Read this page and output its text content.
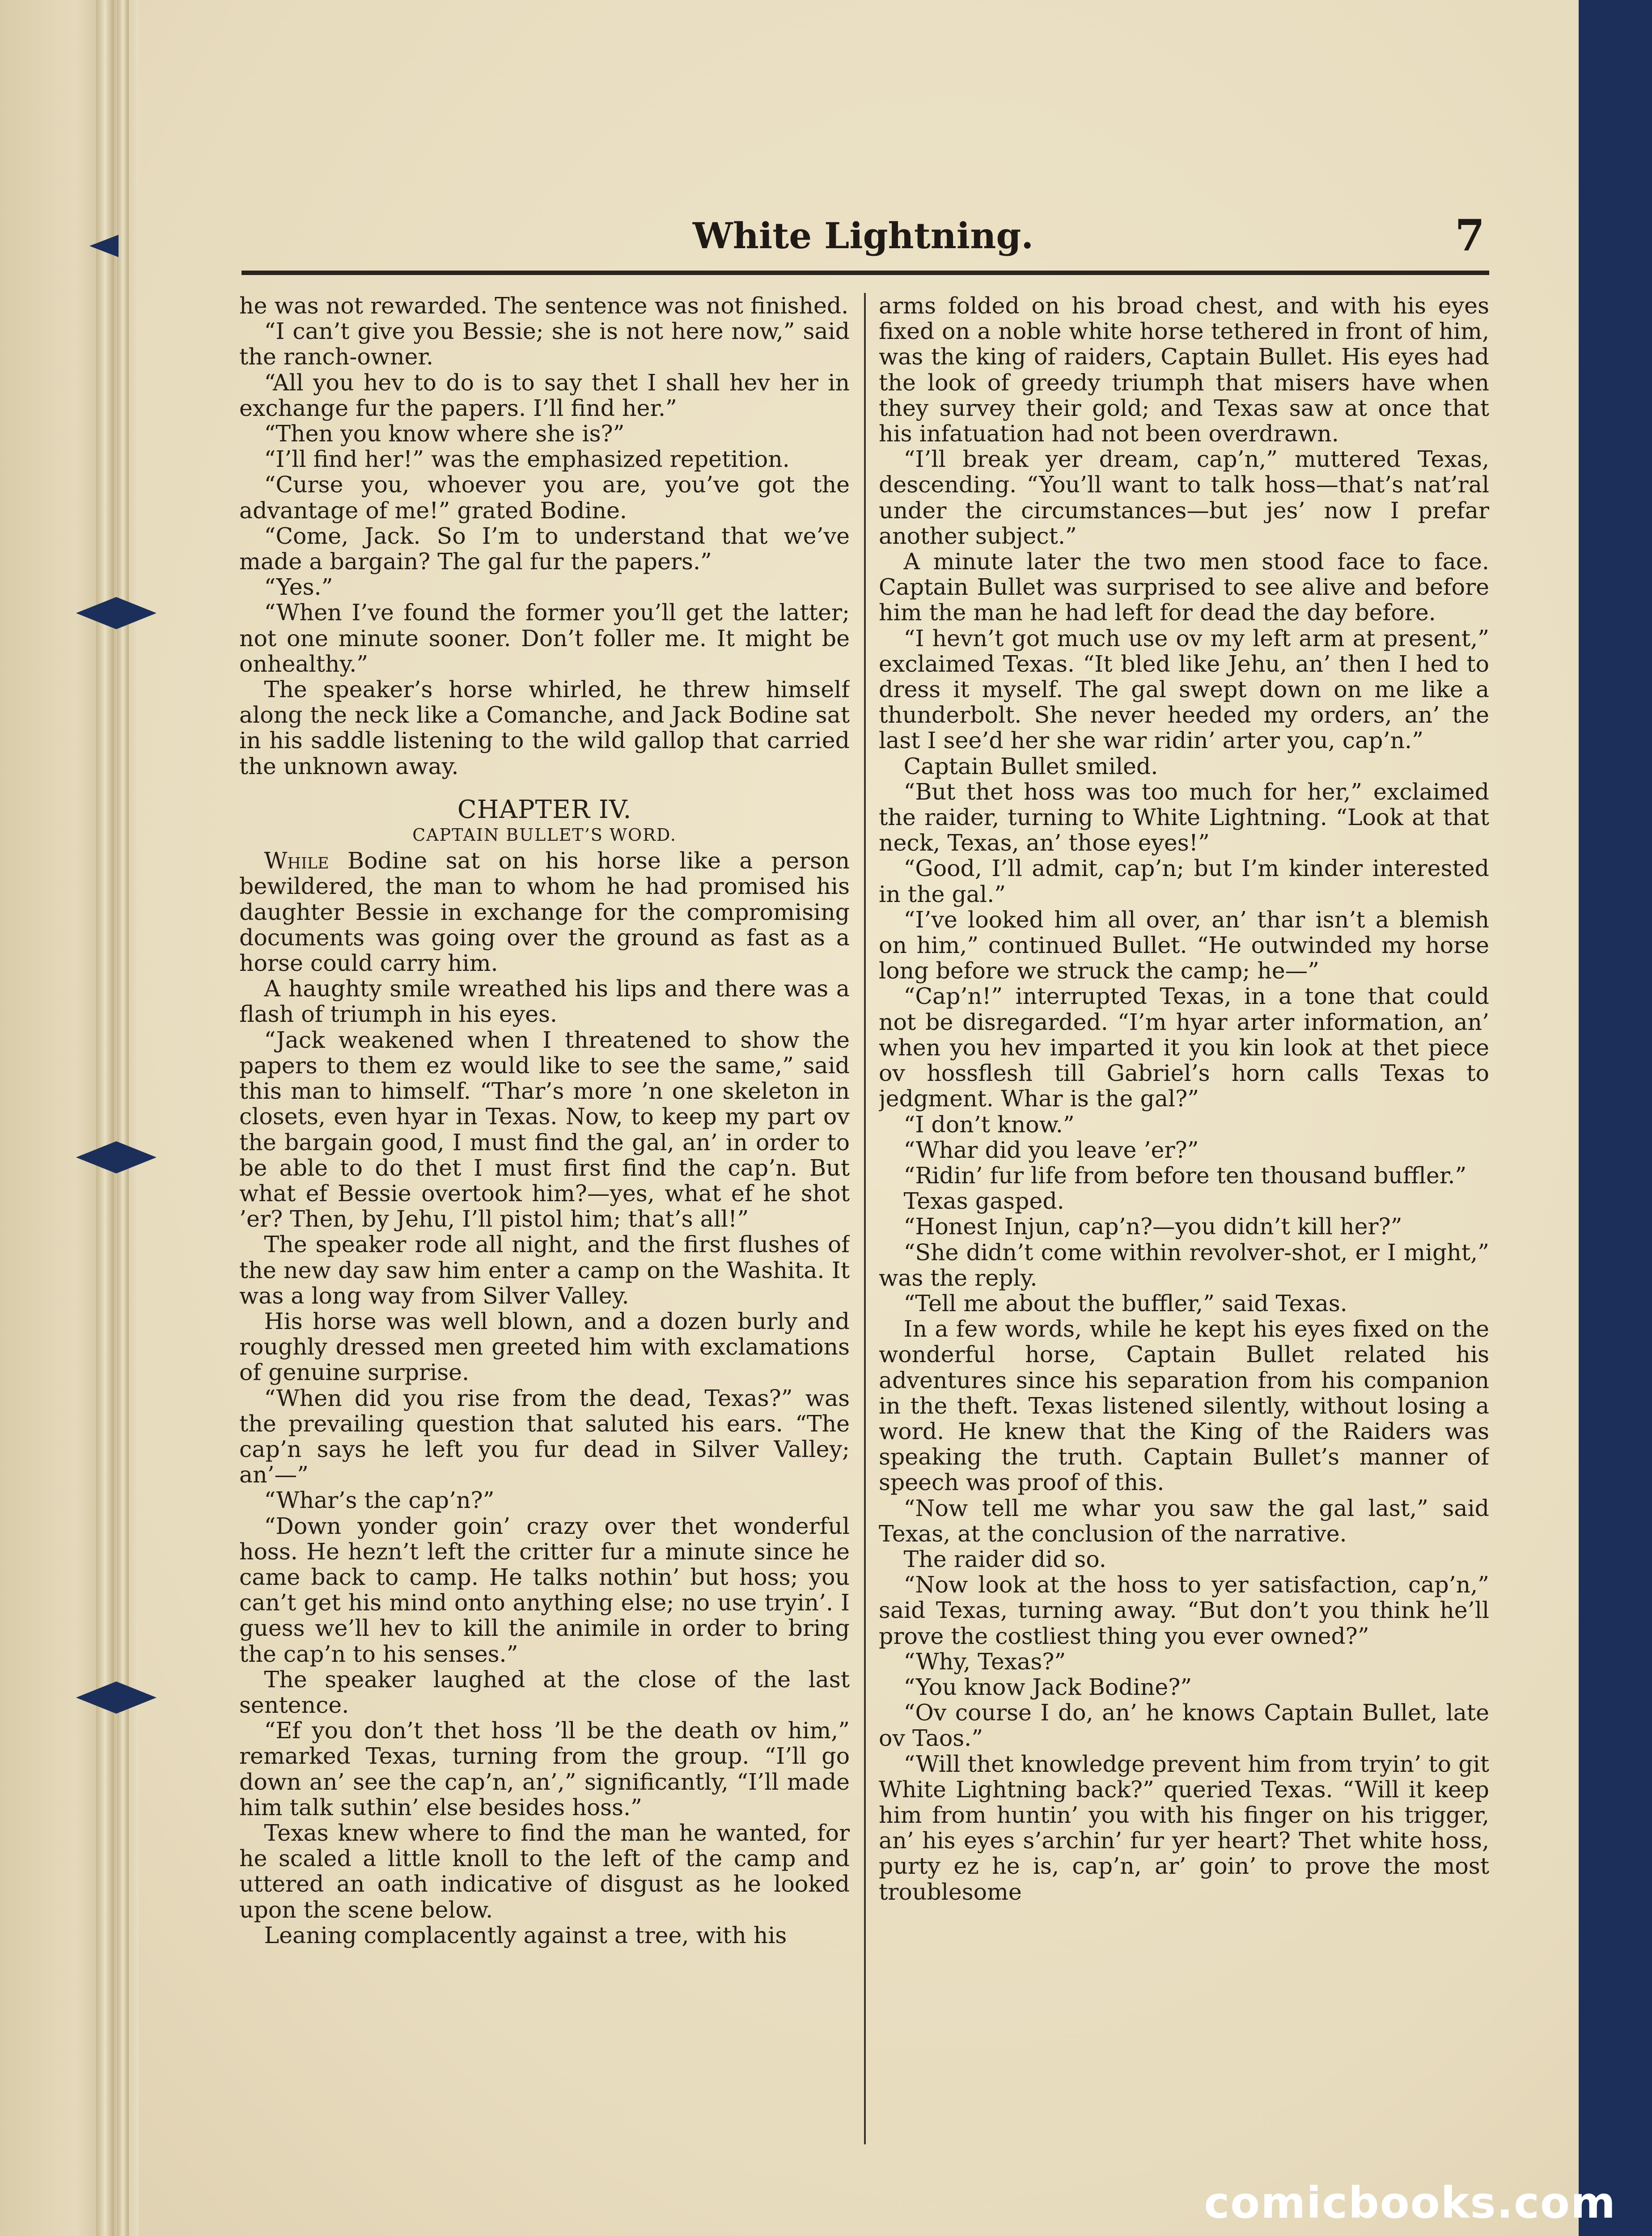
White Lightning.	7

he was not rewarded. The sentence was not finished.

“I can’t give you Bessie; she is not here now,” said the ranch-owner.

“All you hev to do is to say thet I shall hev her in exchange fur the papers. I’ll find her.”

“Then you know where she is?”

“I’ll find her!” was the emphasized repetition.

“Curse you, whoever you are, you’ve got the advantage of me!” grated Bodine.

“Come, Jack. So I’m to understand that we’ve made a bargain? The gal fur the papers.”

“Yes.”

“When I’ve found the former you’ll get the latter; not one minute sooner. Don’t foller me. It might be onhealthy.”

The speaker’s horse whirled, he threw himself along the neck like a Comanche, and Jack Bodine sat in his saddle listening to the wild gallop that carried the unknown away.

CHAPTER IV.

CAPTAIN BULLET’S WORD.

While Bodine sat on his horse like a person bewildered, the man to whom he had promised his daughter Bessie in exchange for the compromising documents was going over the ground as fast as a horse could carry him.

A haughty smile wreathed his lips and there was a flash of triumph in his eyes.

“Jack weakened when I threatened to show the papers to them ez would like to see the same,” said this man to himself. “Thar’s more ’n one skeleton in closets, even hyar in Texas. Now, to keep my part ov the bargain good, I must find the gal, an’ in order to be able to do thet I must first find the cap’n. But what ef Bessie overtook him?—yes, what ef he shot ’er? Then, by Jehu, I’ll pistol him; that’s all!”

The speaker rode all night, and the first flushes of the new day saw him enter a camp on the Washita. It was a long way from Silver Valley.

His horse was well blown, and a dozen burly and roughly dressed men greeted him with exclamations of genuine surprise.

“When did you rise from the dead, Texas?” was the prevailing question that saluted his ears. “The cap’n says he left you fur dead in Silver Valley; an’—”

“Whar’s the cap’n?”

“Down yonder goin’ crazy over thet wonderful hoss. He hezn’t left the critter fur a minute since he came back to camp. He talks nothin’ but hoss; you can’t get his mind onto anything else; no use tryin’. I guess we’ll hev to kill the animile in order to bring the cap’n to his senses.”

The speaker laughed at the close of the last sentence.

“Ef you don’t thet hoss ’ll be the death ov him,” remarked Texas, turning from the group. “I’ll go down an’ see the cap’n, an’,” significantly, “I’ll made him talk suthin’ else besides hoss.”

Texas knew where to find the man he wanted, for he scaled a little knoll to the left of the camp and uttered an oath indicative of disgust as he looked upon the scene below.

Leaning complacently against a tree, with his

arms folded on his broad chest, and with his eyes fixed on a noble white horse tethered in front of him, was the king of raiders, Captain Bullet. His eyes had the look of greedy triumph that misers have when they survey their gold; and Texas saw at once that his infatuation had not been overdrawn.

“I’ll break yer dream, cap’n,” muttered Texas, descending. “You’ll want to talk hoss—that’s nat’ral under the circumstances—but jes’ now I prefar another subject.”

A minute later the two men stood face to face. Captain Bullet was surprised to see alive and before him the man he had left for dead the day before.

“I hevn’t got much use ov my left arm at present,” exclaimed Texas. “It bled like Jehu, an’ then I hed to dress it myself. The gal swept down on me like a thunderbolt. She never heeded my orders, an’ the last I see’d her she war ridin’ arter you, cap’n.”

Captain Bullet smiled.

“But thet hoss was too much for her,” exclaimed the raider, turning to White Lightning. “Look at that neck, Texas, an’ those eyes!”

“Good, I’ll admit, cap’n; but I’m kinder interested in the gal.”

“I’ve looked him all over, an’ thar isn’t a blemish on him,” continued Bullet. “He outwinded my horse long before we struck the camp; he—”

“Cap’n!” interrupted Texas, in a tone that could not be disregarded. “I’m hyar arter information, an’ when you hev imparted it you kin look at thet piece ov hossflesh till Gabriel’s horn calls Texas to jedgment. Whar is the gal?”

“I don’t know.”

“Whar did you leave ’er?”

“Ridin’ fur life from before ten thousand buffler.”

Texas gasped.

“Honest Injun, cap’n?—you didn’t kill her?”

“She didn’t come within revolver-shot, er I might,” was the reply.

“Tell me about the buffler,” said Texas.

In a few words, while he kept his eyes fixed on the wonderful horse, Captain Bullet related his adventures since his separation from his companion in the theft. Texas listened silently, without losing a word. He knew that the King of the Raiders was speaking the truth. Captain Bullet’s manner of speech was proof of this.

“Now tell me whar you saw the gal last,” said Texas, at the conclusion of the narrative.

The raider did so.

“Now look at the hoss to yer satisfaction, cap’n,” said Texas, turning away. “But don’t you think he’ll prove the costliest thing you ever owned?”

“Why, Texas?”

“You know Jack Bodine?”

“Ov course I do, an’ he knows Captain Bullet, late ov Taos.”

“Will thet knowledge prevent him from tryin’ to git White Lightning back?” queried Texas. “Will it keep him from huntin’ you with his finger on his trigger, an’ his eyes s’archin’ fur yer heart? Thet white hoss, purty ez he is, cap’n, ar’ goin’ to prove the most troublesome

comicbooks.com
